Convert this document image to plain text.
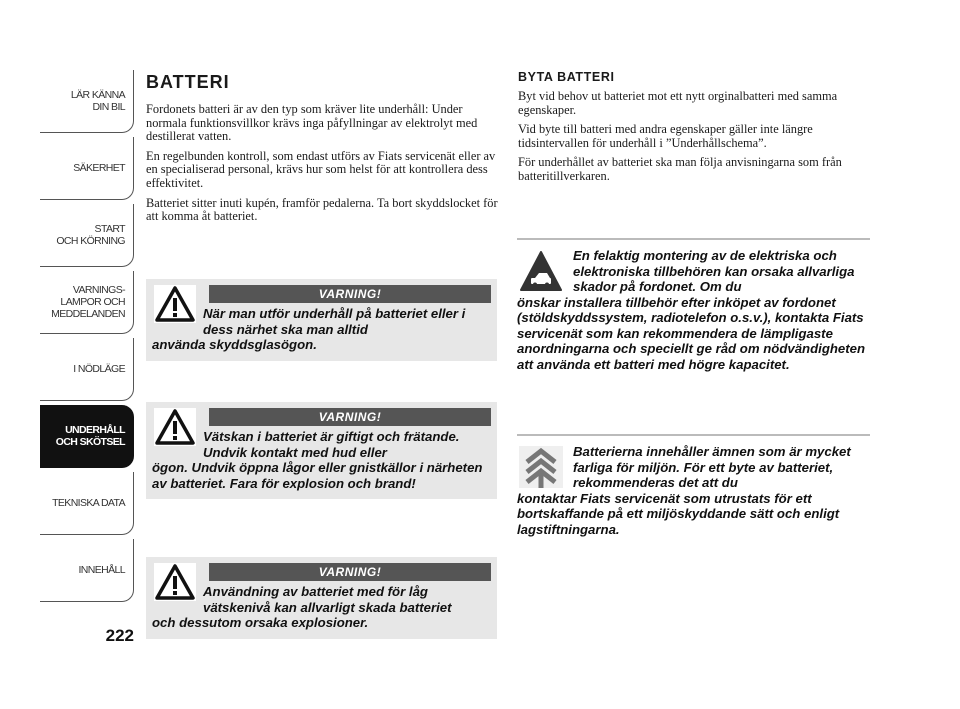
LÄR KÄNNA
DIN BIL
SÄKERHET
START
OCH KÖRNING
VARNINGS-
LAMPOR OCH
MEDDELANDEN
I NÖDLÄGE
UNDERHÅLL
OCH SKÖTSEL
TEKNISKA DATA
INNEHÅLL
222
BATTERI

Fordonets batteri är av den typ som kräver lite underhåll: Under normala funktionsvillkor krävs inga påfyllningar av elektrolyt med destillerat vatten.

En regelbunden kontroll, som endast utförs av Fiats servicenät eller av en specialiserad personal, krävs hur som helst för att kontrollera dess effektivitet.

Batteriet sitter inuti kupén, framför pedalerna. Ta bort skyddslocket för att komma åt batteriet.

VARNING!
När man utför underhåll på batteriet eller i dess närhet ska man alltid
använda skyddsglasögon.
VARNING!
Vätskan i batteriet är giftigt och frätande. Undvik kontakt med hud eller
ögon. Undvik öppna lågor eller gnistkällor i närheten av batteriet. Fara för explosion och brand!
VARNING!
Användning av batteriet med för låg vätskenivå kan allvarligt skada batteriet
och dessutom orsaka explosioner.
BYTA BATTERI

Byt vid behov ut batteriet mot ett nytt orginalbatteri med samma egenskaper.

Vid byte till batteri med andra egenskaper gäller inte längre tidsintervallen för underhåll i ”Underhållschema”.

För underhållet av batteriet ska man följa anvisningarna som från batteritillverkaren.

En felaktig montering av de elektriska och elektroniska tillbehören kan orsaka allvarliga skador på fordonet. Om du
önskar installera tillbehör efter inköpet av fordonet (stöldskyddssystem, radiotelefon o.s.v.), kontakta Fiats servicenät som kan rekommendera de lämpligaste anordningarna och speciellt ge råd om nödvändigheten att använda ett batteri med högre kapacitet.
Batterierna innehåller ämnen som är mycket farliga för miljön. För ett byte av batteriet, rekommenderas det att du
kontaktar Fiats servicenät som utrustats för ett bortskaffande på ett miljöskyddande sätt och enligt lagstiftningarna.
